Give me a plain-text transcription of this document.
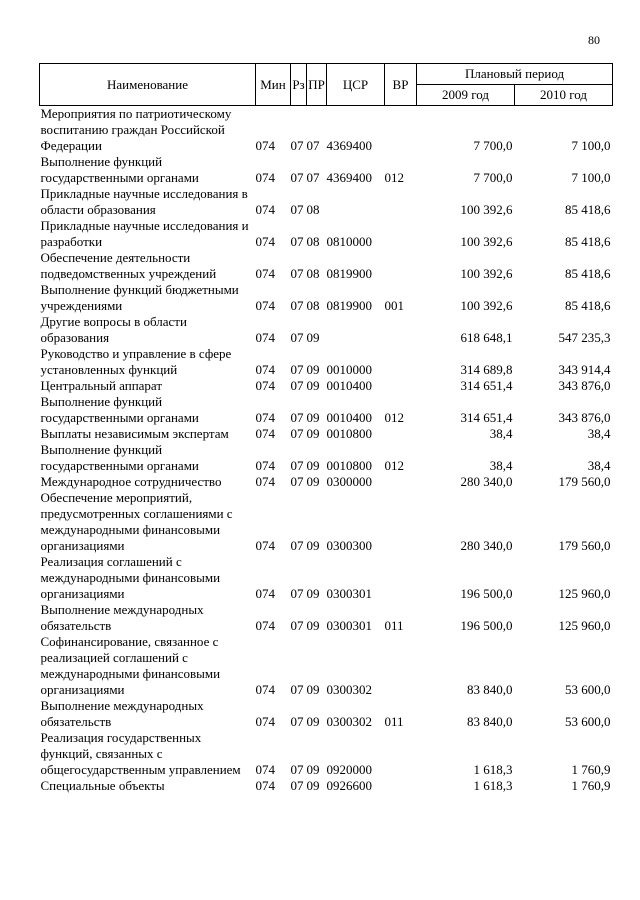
80
Наименование	Мин	Рз	ПР	ЦСР	ВР	Плановый период	
						2009 год	2010 год
Мероприятия по патриотическому воспитанию граждан Российской Федерации	074	07	07	4369400		7 700,0	7 100,0
Выполнение функций государственными органами	074	07	07	4369400	012	7 700,0	7 100,0
Прикладные научные исследования в области образования	074	07	08			100 392,6	85 418,6
Прикладные научные исследования и разработки	074	07	08	0810000		100 392,6	85 418,6
Обеспечение деятельности подведомственных учреждений	074	07	08	0819900		100 392,6	85 418,6
Выполнение функций бюджетными учреждениями	074	07	08	0819900	001	100 392,6	85 418,6
Другие вопросы в области образования	074	07	09			618 648,1	547 235,3
Руководство и управление в сфере установленных функций	074	07	09	0010000		314 689,8	343 914,4
Центральный аппарат	074	07	09	0010400		314 651,4	343 876,0
Выполнение функций государственными органами	074	07	09	0010400	012	314 651,4	343 876,0
Выплаты независимым экспертам	074	07	09	0010800		38,4	38,4
Выполнение функций государственными органами	074	07	09	0010800	012	38,4	38,4
Международное сотрудничество	074	07	09	0300000		280 340,0	179 560,0
Обеспечение мероприятий, предусмотренных соглашениями с международными финансовыми организациями	074	07	09	0300300		280 340,0	179 560,0
Реализация соглашений с международными финансовыми организациями	074	07	09	0300301		196 500,0	125 960,0
Выполнение международных обязательств	074	07	09	0300301	011	196 500,0	125 960,0
Софинансирование, связанное с реализацией соглашений с международными финансовыми организациями	074	07	09	0300302		83 840,0	53 600,0
Выполнение международных обязательств	074	07	09	0300302	011	83 840,0	53 600,0
Реализация государственных функций, связанных с общегосударственным управлением	074	07	09	0920000		1 618,3	1 760,9
Специальные объекты	074	07	09	0926600		1 618,3	1 760,9
